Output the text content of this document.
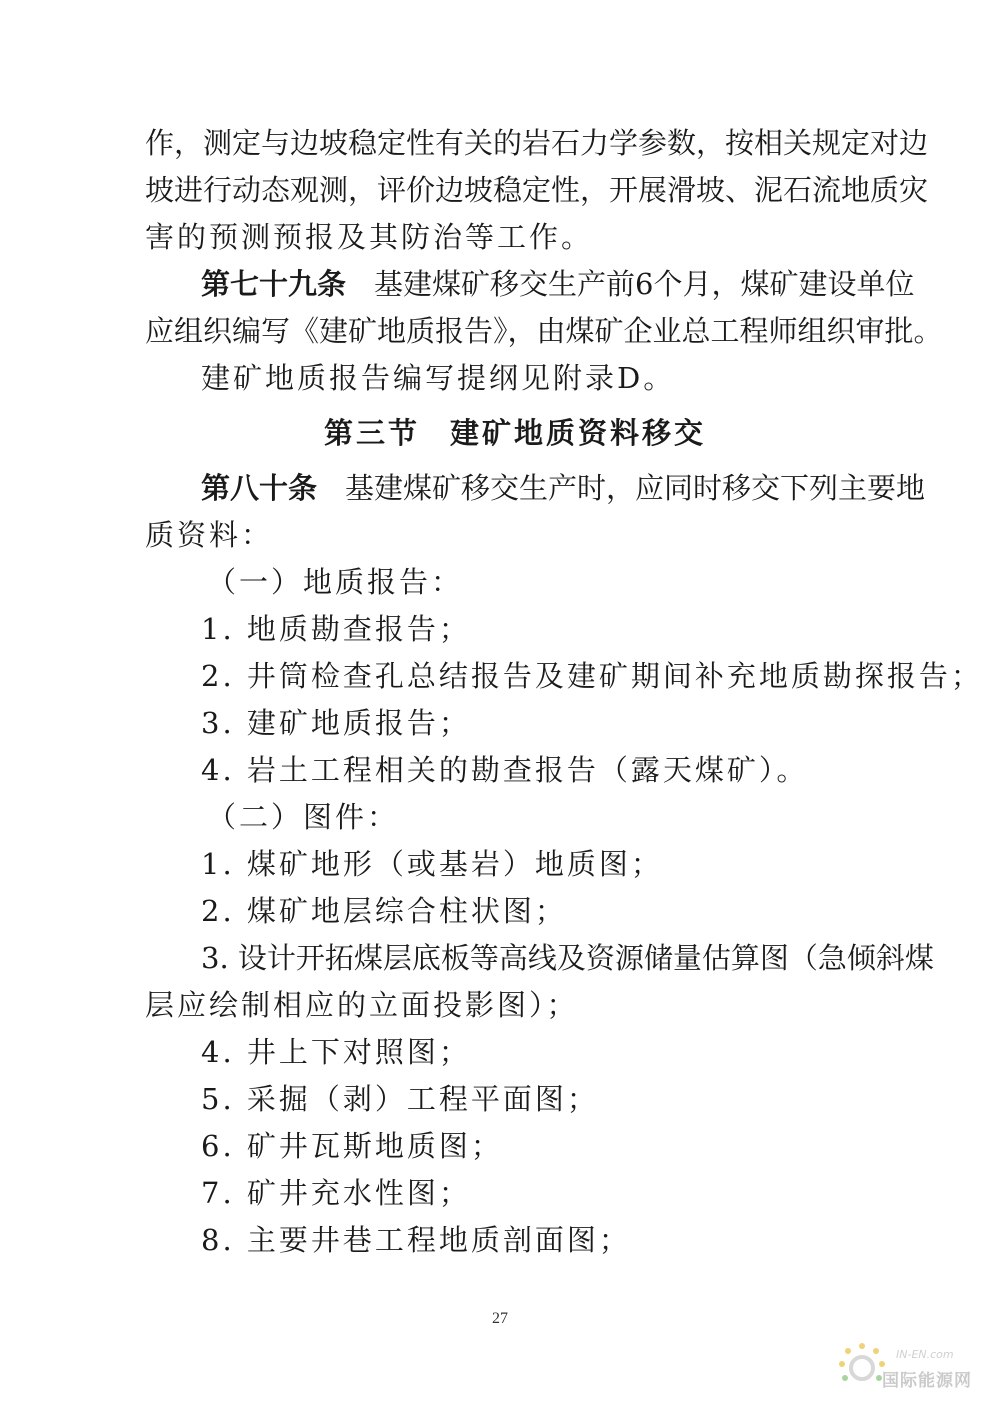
作，测定与边坡稳定性有关的岩石力学参数，按相关规定对边
坡进行动态观测，评价边坡稳定性，开展滑坡、泥石流地质灾
害的预测预报及其防治等工作。
第七十九条 基建煤矿移交生产前6个月，煤矿建设单位
应组织编写《建矿地质报告》，由煤矿企业总工程师组织审批。
建矿地质报告编写提纲见附录D。
第三节 建矿地质资料移交
第八十条 基建煤矿移交生产时，应同时移交下列主要地
质资料：
（一）地质报告：
1. 地质勘查报告；
2. 井筒检查孔总结报告及建矿期间补充地质勘探报告；
3. 建矿地质报告；
4. 岩土工程相关的勘查报告（露天煤矿）。
（二）图件：
1. 煤矿地形（或基岩）地质图；
2. 煤矿地层综合柱状图；
3. 设计开拓煤层底板等高线及资源储量估算图（急倾斜煤
层应绘制相应的立面投影图）；
4. 井上下对照图；
5. 采掘（剥）工程平面图；
6. 矿井瓦斯地质图；
7. 矿井充水性图；
8. 主要井巷工程地质剖面图；
27
IN-EN.com
国际能源网
